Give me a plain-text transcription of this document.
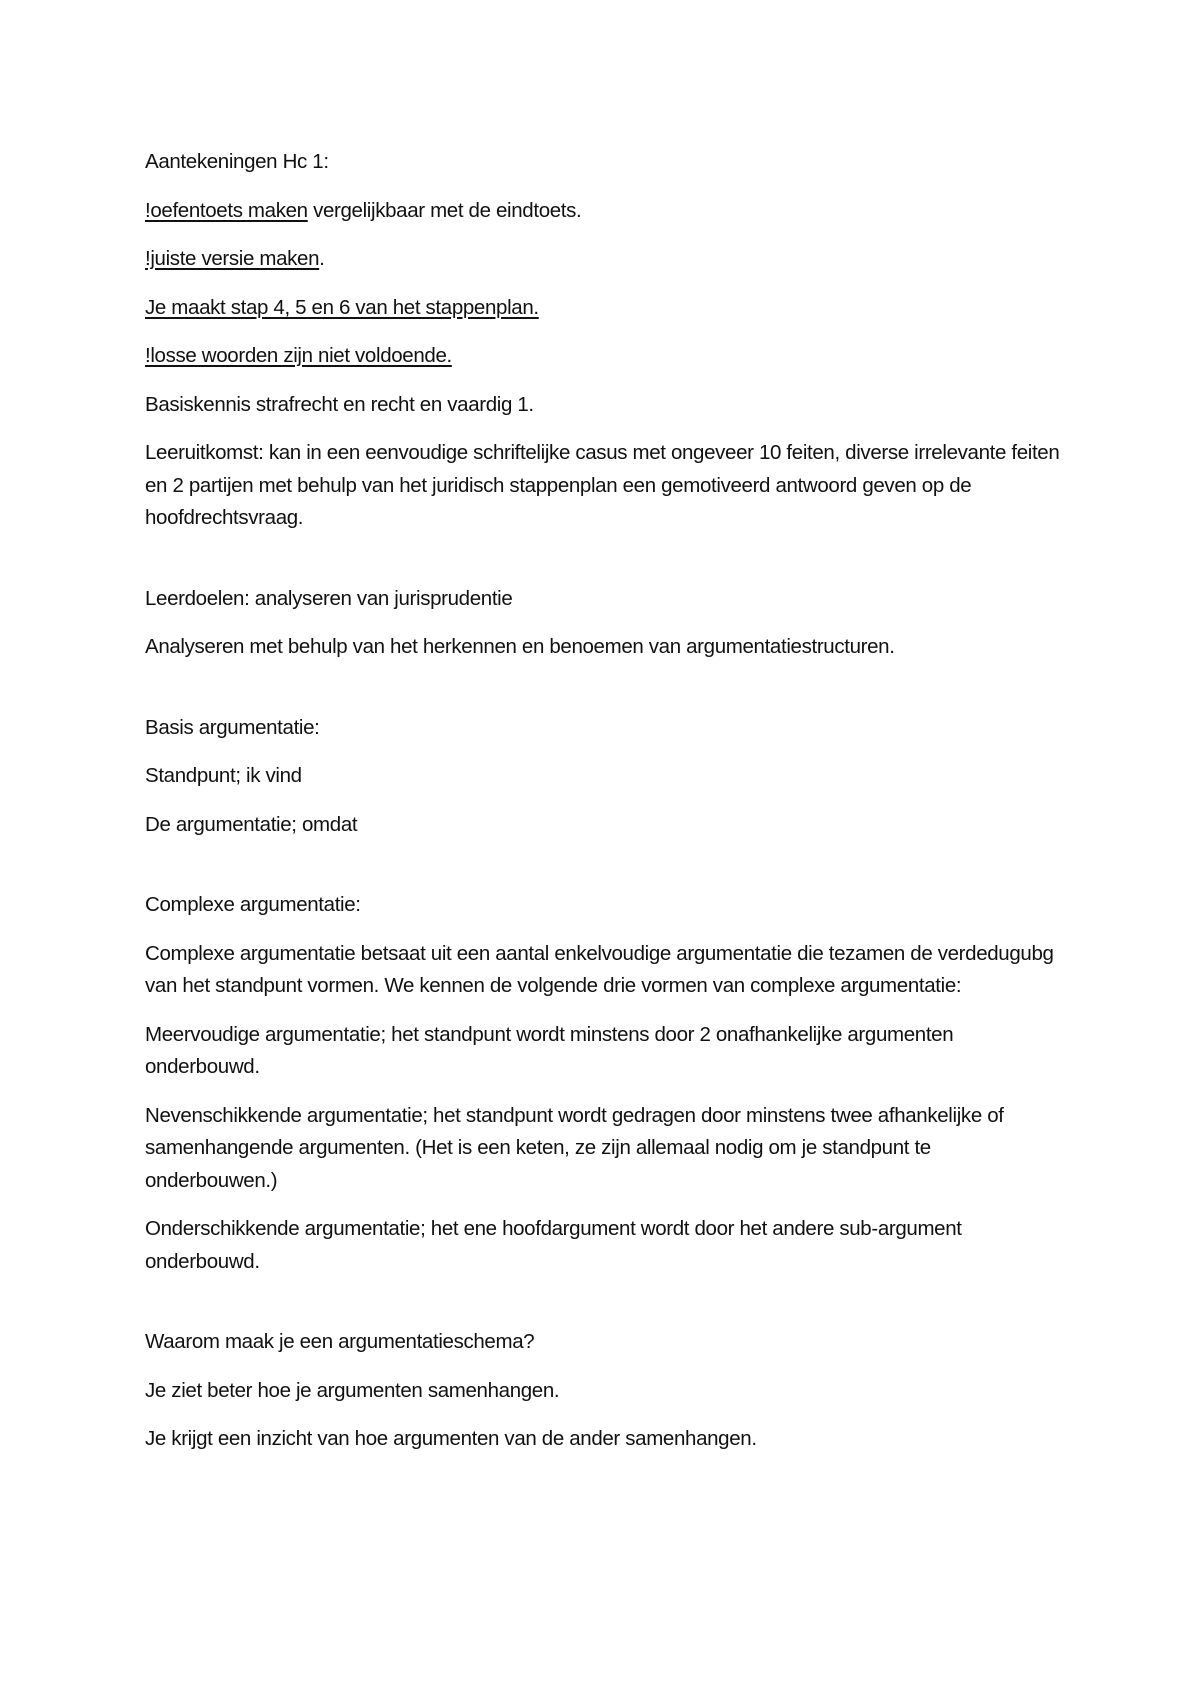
Aantekeningen Hc 1:

!oefentoets maken vergelijkbaar met de eindtoets.

!juiste versie maken.

Je maakt stap 4, 5 en 6 van het stappenplan.

!losse woorden zijn niet voldoende.

Basiskennis strafrecht en recht en vaardig 1.

Leeruitkomst: kan in een eenvoudige schriftelijke casus met ongeveer 10 feiten, diverse irrelevante feiten en 2 partijen met behulp van het juridisch stappenplan een gemotiveerd antwoord geven op de hoofdrechtsvraag.

Leerdoelen: analyseren van jurisprudentie

Analyseren met behulp van het herkennen en benoemen van argumentatiestructuren.

Basis argumentatie:

Standpunt; ik vind

De argumentatie; omdat

Complexe argumentatie:

Complexe argumentatie betsaat uit een aantal enkelvoudige argumentatie die tezamen de verdedugubg van het standpunt vormen. We kennen de volgende drie vormen van complexe argumentatie:

Meervoudige argumentatie; het standpunt wordt minstens door 2 onafhankelijke argumenten onderbouwd.

Nevenschikkende argumentatie; het standpunt wordt gedragen door minstens twee afhankelijke of samenhangende argumenten. (Het is een keten, ze zijn allemaal nodig om je standpunt te onderbouwen.)

Onderschikkende argumentatie; het ene hoofdargument wordt door het andere sub-argument onderbouwd.

Waarom maak je een argumentatieschema?

Je ziet beter hoe je argumenten samenhangen.

Je krijgt een inzicht van hoe argumenten van de ander samenhangen.
